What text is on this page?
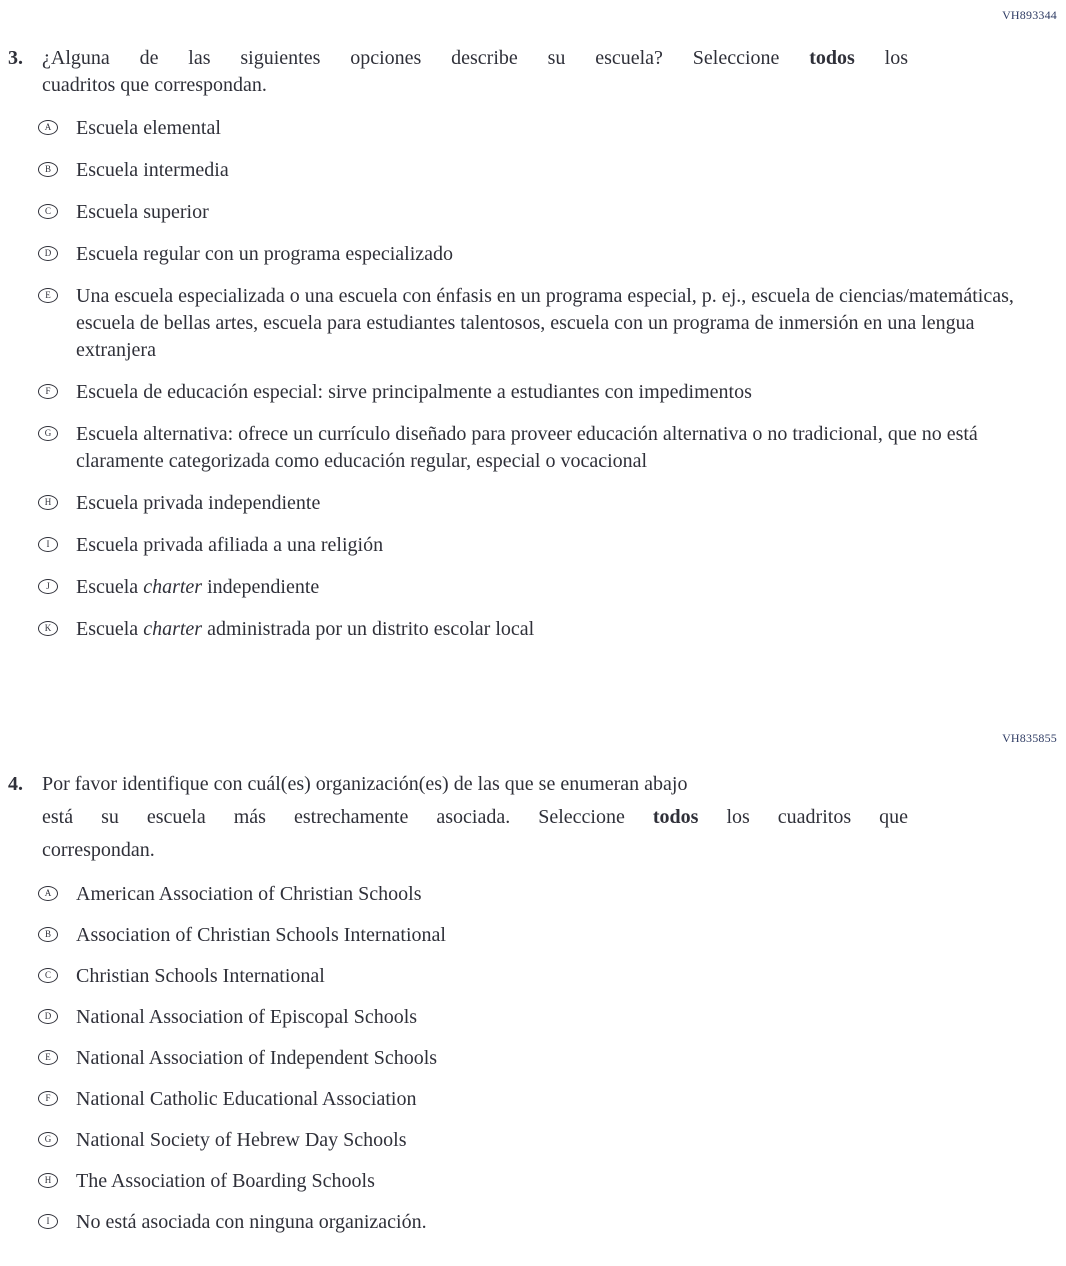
VH893344
3. ¿Alguna de las siguientes opciones describe su escuela? Seleccione todos los
cuadritos que correspondan.
A	Escuela elemental
B	Escuela intermedia
C	Escuela superior
D	Escuela regular con un programa especializado
E	Una escuela especializada o una escuela con énfasis en un programa especial, p. ej., escuela de ciencias/matemáticas, escuela de bellas artes, escuela para estudiantes talentosos, escuela con un programa de inmersión en una lengua extranjera
F	Escuela de educación especial: sirve principalmente a estudiantes con impedimentos
G	Escuela alternativa: ofrece un currículo diseñado para proveer educación alternativa o no tradicional, que no está claramente categorizada como educación regular, especial o vocacional
H	Escuela privada independiente
I	Escuela privada afiliada a una religión
J	Escuela charter independiente
K	Escuela charter administrada por un distrito escolar local
VH835855
4. Por favor identifique con cuál(es) organización(es) de las que se enumeran abajo
está su escuela más estrechamente asociada. Seleccione todos los cuadritos que
correspondan.
A	American Association of Christian Schools
B	Association of Christian Schools International
C	Christian Schools International
D	National Association of Episcopal Schools
E	National Association of Independent Schools
F	National Catholic Educational Association
G	National Society of Hebrew Day Schools
H	The Association of Boarding Schools
I	No está asociada con ninguna organización.
